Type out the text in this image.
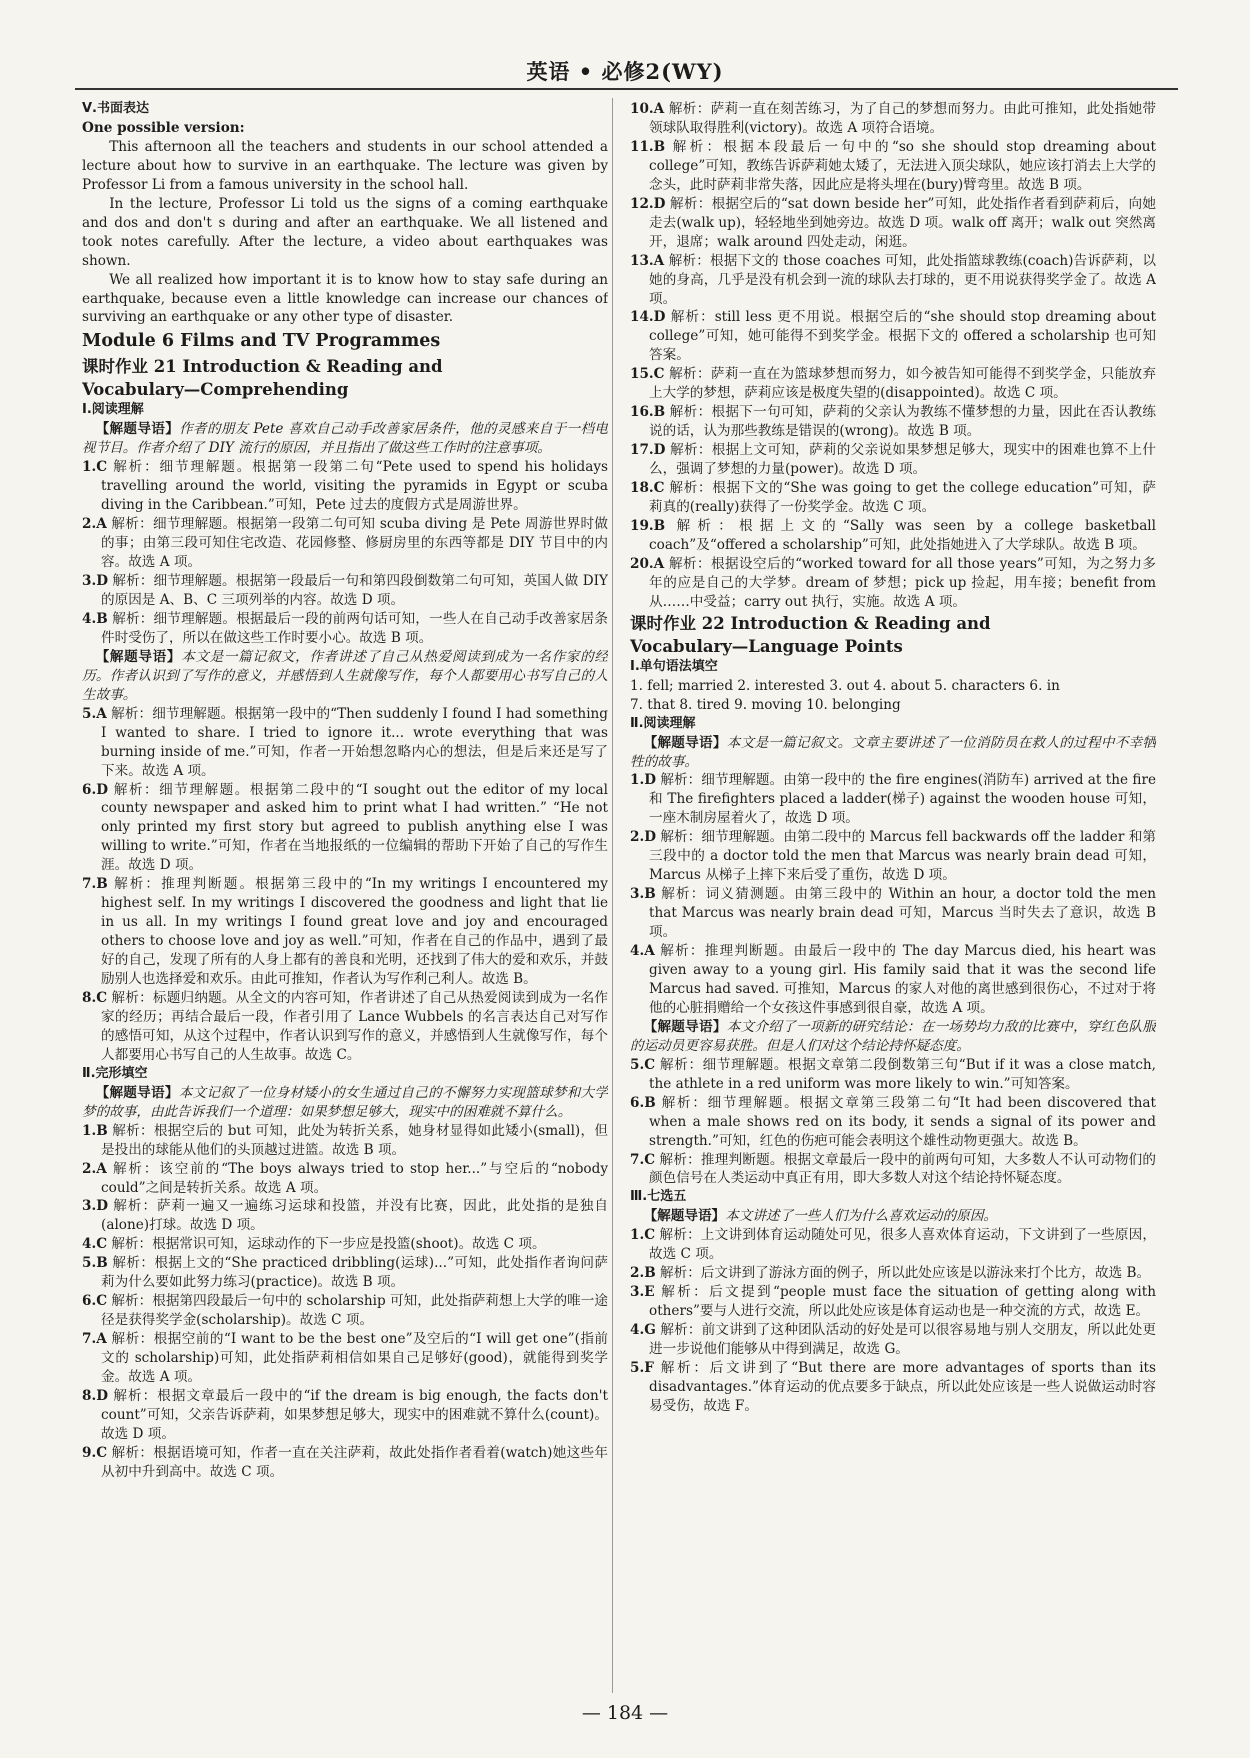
英语 • 必修2(WY)

Ⅴ.书面表达

One possible version:

This afternoon all the teachers and students in our school attended a lecture about how to survive in an earthquake. The lecture was given by Professor Li from a famous university in the school hall.

In the lecture, Professor Li told us the signs of a coming earthquake and dos and don't s during and after an earthquake. We all listened and took notes carefully. After the lecture, a video about earthquakes was shown.

We all realized how important it is to know how to stay safe during an earthquake, because even a little knowledge can increase our chances of surviving an earthquake or any other type of disaster.

Module 6 Films and TV Programmes

课时作业 21 Introduction & Reading and

Vocabulary—Comprehending

Ⅰ.阅读理解

【解题导语】作者的朋友 Pete 喜欢自己动手改善家居条件，他的灵感来自于一档电视节目。作者介绍了 DIY 流行的原因，并且指出了做这些工作时的注意事项。

1.C 解析：细节理解题。根据第一段第二句“Pete used to spend his holidays travelling around the world, visiting the pyramids in Egypt or scuba diving in the Caribbean.”可知，Pete 过去的度假方式是周游世界。

2.A 解析：细节理解题。根据第一段第二句可知 scuba diving 是 Pete 周游世界时做的事；由第三段可知住宅改造、花园修整、修厨房里的东西等都是 DIY 节目中的内容。故选 A 项。

3.D 解析：细节理解题。根据第一段最后一句和第四段倒数第二句可知，英国人做 DIY 的原因是 A、B、C 三项列举的内容。故选 D 项。

4.B 解析：细节理解题。根据最后一段的前两句话可知，一些人在自己动手改善家居条件时受伤了，所以在做这些工作时要小心。故选 B 项。

【解题导语】本文是一篇记叙文，作者讲述了自己从热爱阅读到成为一名作家的经历。作者认识到了写作的意义，并感悟到人生就像写作，每个人都要用心书写自己的人生故事。

5.A 解析：细节理解题。根据第一段中的“Then suddenly I found I had something I wanted to share. I tried to ignore it... wrote everything that was burning inside of me.”可知，作者一开始想忽略内心的想法，但是后来还是写了下来。故选 A 项。

6.D 解析：细节理解题。根据第二段中的“I sought out the editor of my local county newspaper and asked him to print what I had written.” “He not only printed my first story but agreed to publish anything else I was willing to write.”可知，作者在当地报纸的一位编辑的帮助下开始了自己的写作生涯。故选 D 项。

7.B 解析：推理判断题。根据第三段中的“In my writings I encountered my highest self. In my writings I discovered the goodness and light that lie in us all. In my writings I found great love and joy and encouraged others to choose love and joy as well.”可知，作者在自己的作品中，遇到了最好的自己，发现了所有的人身上都有的善良和光明，还找到了伟大的爱和欢乐，并鼓励别人也选择爱和欢乐。由此可推知，作者认为写作利己利人。故选 B。

8.C 解析：标题归纳题。从全文的内容可知，作者讲述了自己从热爱阅读到成为一名作家的经历；再结合最后一段，作者引用了 Lance Wubbels 的名言表达自己对写作的感悟可知，从这个过程中，作者认识到写作的意义，并感悟到人生就像写作，每个人都要用心书写自己的人生故事。故选 C。

Ⅱ.完形填空

【解题导语】本文记叙了一位身材矮小的女生通过自己的不懈努力实现篮球梦和大学梦的故事，由此告诉我们一个道理：如果梦想足够大，现实中的困难就不算什么。

1.B 解析：根据空后的 but 可知，此处为转折关系，她身材显得如此矮小(small)，但是投出的球能从他们的头顶越过进篮。故选 B 项。

2.A 解析：该空前的“The boys always tried to stop her...”与空后的“nobody could”之间是转折关系。故选 A 项。

3.D 解析：萨莉一遍又一遍练习运球和投篮，并没有比赛，因此，此处指的是独自(alone)打球。故选 D 项。

4.C 解析：根据常识可知，运球动作的下一步应是投篮(shoot)。故选 C 项。

5.B 解析：根据上文的“She practiced dribbling(运球)...”可知，此处指作者询问萨莉为什么要如此努力练习(practice)。故选 B 项。

6.C 解析：根据第四段最后一句中的 scholarship 可知，此处指萨莉想上大学的唯一途径是获得奖学金(scholarship)。故选 C 项。

7.A 解析：根据空前的“I want to be the best one”及空后的“I will get one”(指前文的 scholarship)可知，此处指萨莉相信如果自己足够好(good)，就能得到奖学金。故选 A 项。

8.D 解析：根据文章最后一段中的“if the dream is big enough, the facts don't count”可知，父亲告诉萨莉，如果梦想足够大，现实中的困难就不算什么(count)。故选 D 项。

9.C 解析：根据语境可知，作者一直在关注萨莉，故此处指作者看着(watch)她这些年从初中升到高中。故选 C 项。

10.A 解析：萨莉一直在刻苦练习，为了自己的梦想而努力。由此可推知，此处指她带领球队取得胜利(victory)。故选 A 项符合语境。

11.B 解析：根据本段最后一句中的“so she should stop dreaming about college”可知，教练告诉萨莉她太矮了，无法进入顶尖球队，她应该打消去上大学的念头，此时萨莉非常失落，因此应是将头埋在(bury)臂弯里。故选 B 项。

12.D 解析：根据空后的“sat down beside her”可知，此处指作者看到萨莉后，向她走去(walk up)，轻轻地坐到她旁边。故选 D 项。walk off 离开；walk out 突然离开，退席；walk around 四处走动，闲逛。

13.A 解析：根据下文的 those coaches 可知，此处指篮球教练(coach)告诉萨莉，以她的身高，几乎是没有机会到一流的球队去打球的，更不用说获得奖学金了。故选 A 项。

14.D 解析：still less 更不用说。根据空后的“she should stop dreaming about college”可知，她可能得不到奖学金。根据下文的 offered a scholarship 也可知答案。

15.C 解析：萨莉一直在为篮球梦想而努力，如今被告知可能得不到奖学金，只能放弃上大学的梦想，萨莉应该是极度失望的(disappointed)。故选 C 项。

16.B 解析：根据下一句可知，萨莉的父亲认为教练不懂梦想的力量，因此在否认教练说的话，认为那些教练是错误的(wrong)。故选 B 项。

17.D 解析：根据上文可知，萨莉的父亲说如果梦想足够大，现实中的困难也算不上什么，强调了梦想的力量(power)。故选 D 项。

18.C 解析：根据下文的“She was going to get the college education”可知，萨莉真的(really)获得了一份奖学金。故选 C 项。

19.B 解析：根据上文的“Sally was seen by a college basketball coach”及“offered a scholarship”可知，此处指她进入了大学球队。故选 B 项。

20.A 解析：根据设空后的“worked toward for all those years”可知，为之努力多年的应是自己的大学梦。dream of 梦想；pick up 捡起，用车接；benefit from 从……中受益；carry out 执行，实施。故选 A 项。

课时作业 22 Introduction & Reading and

Vocabulary—Language Points

Ⅰ.单句语法填空

1. fell; married 2. interested 3. out 4. about 5. characters 6. in

7. that 8. tired 9. moving 10. belonging

Ⅱ.阅读理解

【解题导语】本文是一篇记叙文。文章主要讲述了一位消防员在救人的过程中不幸牺牲的故事。

1.D 解析：细节理解题。由第一段中的 the fire engines(消防车) arrived at the fire 和 The firefighters placed a ladder(梯子) against the wooden house 可知，一座木制房屋着火了，故选 D 项。

2.D 解析：细节理解题。由第二段中的 Marcus fell backwards off the ladder 和第三段中的 a doctor told the men that Marcus was nearly brain dead 可知，Marcus 从梯子上摔下来后受了重伤，故选 D 项。

3.B 解析：词义猜测题。由第三段中的 Within an hour, a doctor told the men that Marcus was nearly brain dead 可知，Marcus 当时失去了意识，故选 B 项。

4.A 解析：推理判断题。由最后一段中的 The day Marcus died, his heart was given away to a young girl. His family said that it was the second life Marcus had saved. 可推知，Marcus 的家人对他的离世感到很伤心，不过对于将他的心脏捐赠给一个女孩这件事感到很自豪，故选 A 项。

【解题导语】本文介绍了一项新的研究结论：在一场势均力敌的比赛中，穿红色队服的运动员更容易获胜。但是人们对这个结论持怀疑态度。

5.C 解析：细节理解题。根据文章第二段倒数第三句“But if it was a close match, the athlete in a red uniform was more likely to win.”可知答案。

6.B 解析：细节理解题。根据文章第三段第二句“It had been discovered that when a male shows red on its body, it sends a signal of its power and strength.”可知，红色的伤疤可能会表明这个雄性动物更强大。故选 B。

7.C 解析：推理判断题。根据文章最后一段中的前两句可知，大多数人不认可动物们的颜色信号在人类运动中真正有用，即大多数人对这个结论持怀疑态度。

Ⅲ.七选五

【解题导语】本文讲述了一些人们为什么喜欢运动的原因。

1.C 解析：上文讲到体育运动随处可见，很多人喜欢体育运动，下文讲到了一些原因，故选 C 项。

2.B 解析：后文讲到了游泳方面的例子，所以此处应该是以游泳来打个比方，故选 B。

3.E 解析：后文提到“people must face the situation of getting along with others”要与人进行交流，所以此处应该是体育运动也是一种交流的方式，故选 E。

4.G 解析：前文讲到了这种团队活动的好处是可以很容易地与别人交朋友，所以此处更进一步说他们能够从中得到满足，故选 G。

5.F 解析：后文讲到了“But there are more advantages of sports than its disadvantages.”体育运动的优点要多于缺点，所以此处应该是一些人说做运动时容易受伤，故选 F。

— 184 —
